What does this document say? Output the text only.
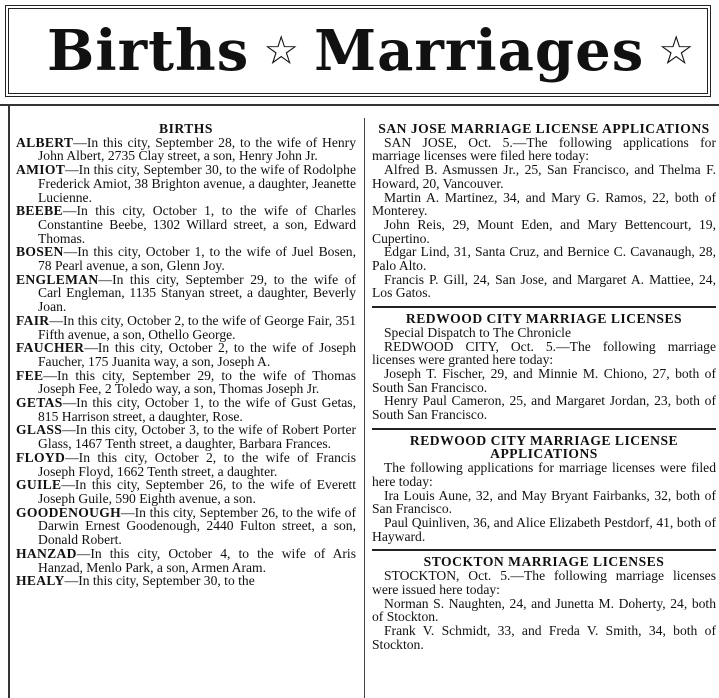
Births ☆ Marriages ☆
BIRTHS
ALBERT—In this city, September 28, to the wife of Henry John Albert, 2735 Clay street, a son, Henry John Jr.
AMIOT—In this city, September 30, to the wife of Rodolphe Frederick Amiot, 38 Brighton avenue, a daughter, Jeanette Lucienne.
BEEBE—In this city, October 1, to the wife of Charles Constantine Beebe, 1302 Willard street, a son, Edward Thomas.
BOSEN—In this city, October 1, to the wife of Juel Bosen, 78 Pearl avenue, a son, Glenn Joy.
ENGLEMAN—In this city, September 29, to the wife of Carl Engleman, 1135 Stanyan street, a daughter, Beverly Joan.
FAIR—In this city, October 2, to the wife of George Fair, 351 Fifth avenue, a son, Othello George.
FAUCHER—In this city, October 2, to the wife of Joseph Faucher, 175 Juanita way, a son, Joseph A.
FEE—In this city, September 29, to the wife of Thomas Joseph Fee, 2 Toledo way, a son, Thomas Joseph Jr.
GETAS—In this city, October 1, to the wife of Gust Getas, 815 Harrison street, a daughter, Rose.
GLASS—In this city, October 3, to the wife of Robert Porter Glass, 1467 Tenth street, a daughter, Barbara Frances.
FLOYD—In this city, October 2, to the wife of Francis Joseph Floyd, 1662 Tenth street, a daughter.
GUILE—In this city, September 26, to the wife of Everett Joseph Guile, 590 Eighth avenue, a son.
GOODENOUGH—In this city, September 26, to the wife of Darwin Ernest Goodenough, 2440 Fulton street, a son, Donald Robert.
HANZAD—In this city, October 4, to the wife of Aris Hanzad, Menlo Park, a son, Armen Aram.
HEALY—In this city, September 30, to the
SAN JOSE MARRIAGE LICENSE APPLICATIONS
SAN JOSE, Oct. 5.—The following applications for marriage licenses were filed here today:
Alfred B. Asmussen Jr., 25, San Francisco, and Thelma F. Howard, 20, Vancouver.
Martin A. Martinez, 34, and Mary G. Ramos, 22, both of Monterey.
John Reis, 29, Mount Eden, and Mary Bettencourt, 19, Cupertino.
Edgar Lind, 31, Santa Cruz, and Bernice C. Cavanaugh, 28, Palo Alto.
Francis P. Gill, 24, San Jose, and Margaret A. Mattiee, 24, Los Gatos.
REDWOOD CITY MARRIAGE LICENSES
Special Dispatch to The Chronicle
REDWOOD CITY, Oct. 5.—The following marriage licenses were granted here today:
Joseph T. Fischer, 29, and Minnie M. Chiono, 27, both of South San Francisco.
Henry Paul Cameron, 25, and Margaret Jordan, 23, both of South San Francisco.
REDWOOD CITY MARRIAGE LICENSE APPLICATIONS
The following applications for marriage licenses were filed here today:
Ira Louis Aune, 32, and May Bryant Fairbanks, 32, both of San Francisco.
Paul Quinliven, 36, and Alice Elizabeth Pestdorf, 41, both of Hayward.
STOCKTON MARRIAGE LICENSES
STOCKTON, Oct. 5.—The following marriage licenses were issued here today:
Norman S. Naughten, 24, and Junetta M. Doherty, 24, both of Stockton.
Frank V. Schmidt, 33, and Freda V. Smith, 34, both of Stockton.
